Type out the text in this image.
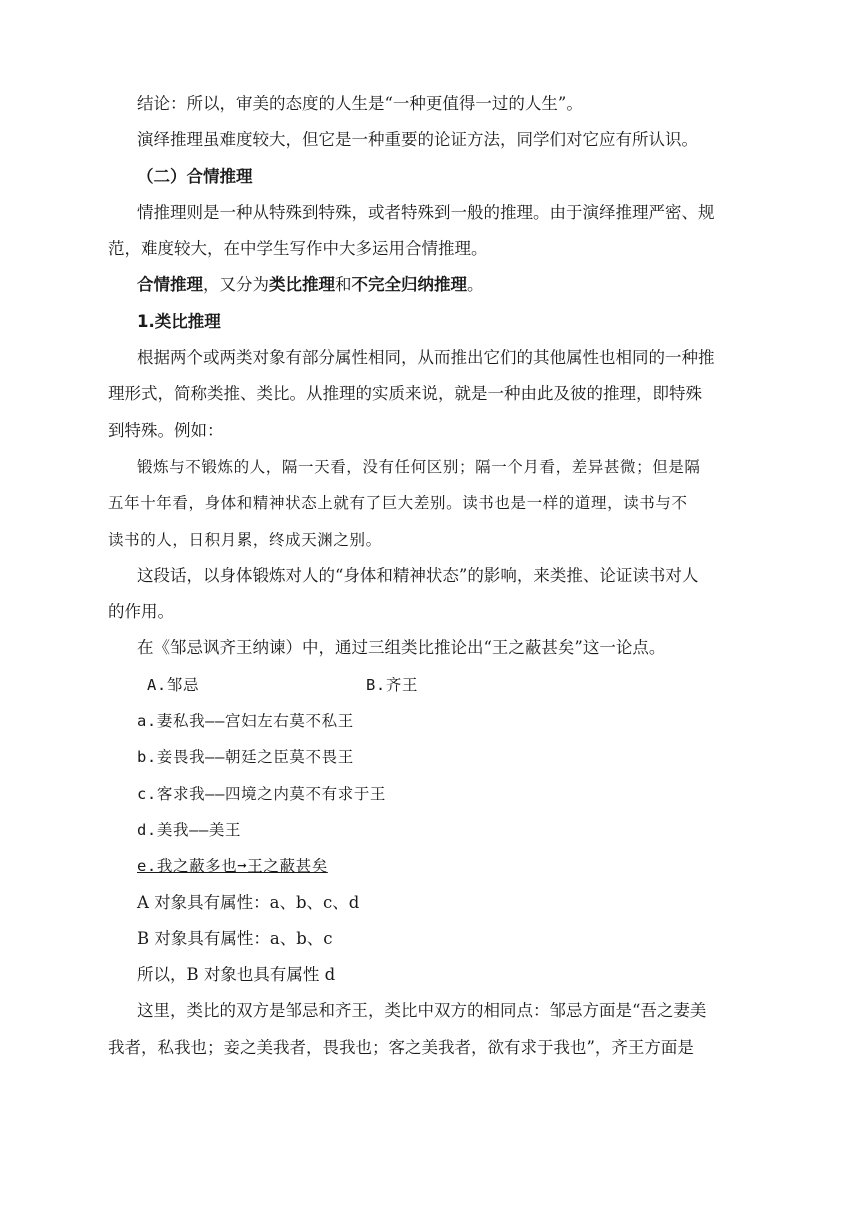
结论：所以，审美的态度的人生是“一种更值得一过的人生”。
演绎推理虽难度较大，但它是一种重要的论证方法，同学们对它应有所认识。
（二）合情推理
情推理则是一种从特殊到特殊，或者特殊到一般的推理。由于演绎推理严密、规
范，难度较大，在中学生写作中大多运用合情推理。
合情推理，又分为类比推理和不完全归纳推理。
1.类比推理
根据两个或两类对象有部分属性相同，从而推出它们的其他属性也相同的一种推
理形式，简称类推、类比。从推理的实质来说，就是一种由此及彼的推理，即特殊
到特殊。例如：
锻炼与不锻炼的人，隔一天看，没有任何区别；隔一个月看，差异甚微；但是隔
五年十年看，身体和精神状态上就有了巨大差别。读书也是一样的道理，读书与不
读书的人，日积月累，终成天渊之别。
这段话，以身体锻炼对人的“身体和精神状态”的影响，来类推、论证读书对人
的作用。
在《邹忌讽齐王纳谏）中，通过三组类比推论出“王之蔽甚矣”这一论点。
A.邹忌	B.齐王
a.妻私我——宫妇左右莫不私王
b.妾畏我——朝廷之臣莫不畏王
c.客求我——四境之内莫不有求于王
d.美我——美王
e.我之蔽多也➞王之蔽甚矣
A 对象具有属性：a、b、c、d
B 对象具有属性：a、b、c
所以，B 对象也具有属性 d
这里，类比的双方是邹忌和齐王，类比中双方的相同点：邹忌方面是“吾之妻美
我者，私我也；妾之美我者，畏我也；客之美我者，欲有求于我也”，齐王方面是
